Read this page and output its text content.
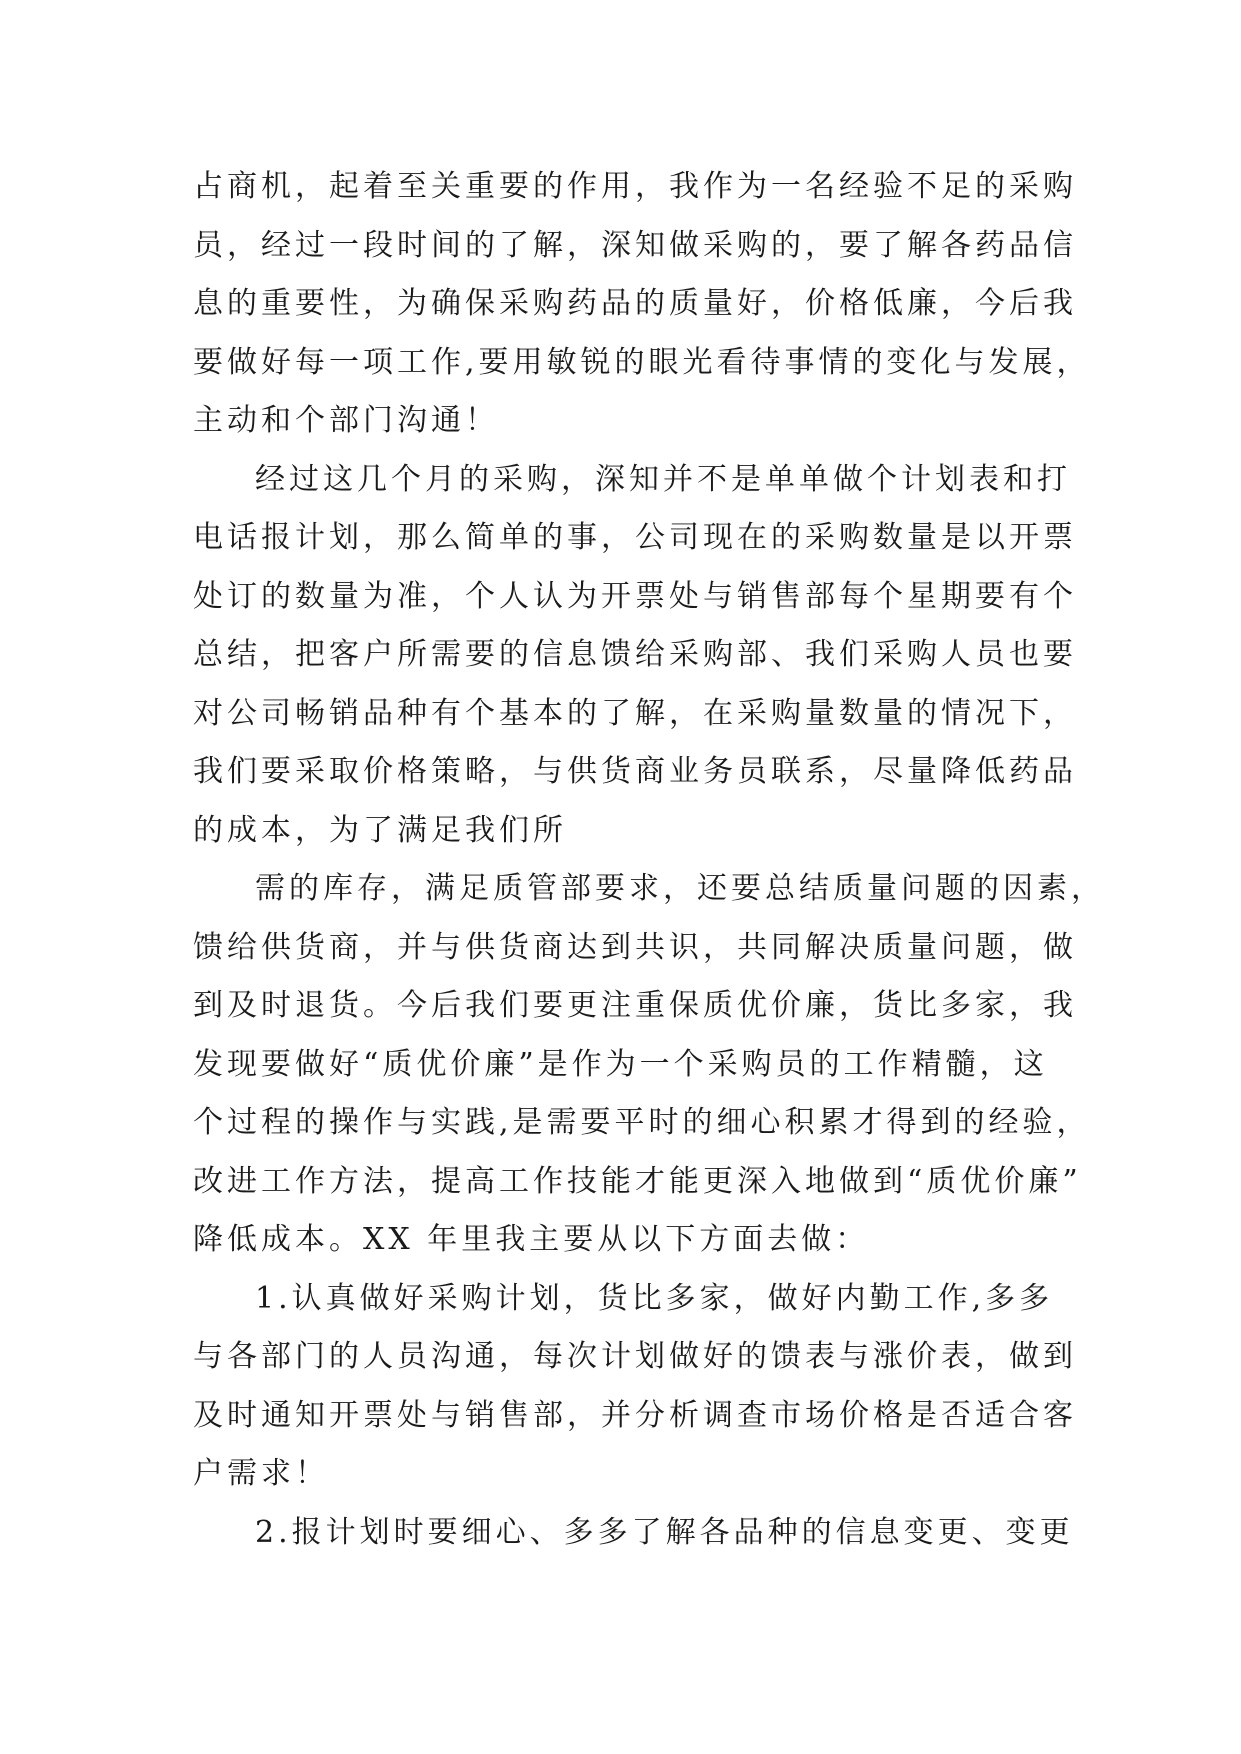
占商机，起着至关重要的作用，我作为一名经验不足的采购
员，经过一段时间的了解，深知做采购的，要了解各药品信
息的重要性，为确保采购药品的质量好，价格低廉，今后我
要做好每一项工作,要用敏锐的眼光看待事情的变化与发展，
主动和个部门沟通！
经过这几个月的采购，深知并不是单单做个计划表和打
电话报计划，那么简单的事，公司现在的采购数量是以开票
处订的数量为准，个人认为开票处与销售部每个星期要有个
总结，把客户所需要的信息馈给采购部、我们采购人员也要
对公司畅销品种有个基本的了解，在采购量数量的情况下，
我们要采取价格策略，与供货商业务员联系，尽量降低药品
的成本，为了满足我们所
需的库存，满足质管部要求，还要总结质量问题的因素，
馈给供货商，并与供货商达到共识，共同解决质量问题，做
到及时退货。今后我们要更注重保质优价廉，货比多家，我
发现要做好“质优价廉”是作为一个采购员的工作精髓，这
个过程的操作与实践,是需要平时的细心积累才得到的经验，
改进工作方法，提高工作技能才能更深入地做到“质优价廉”
降低成本。XX 年里我主要从以下方面去做：
1.认真做好采购计划，货比多家，做好内勤工作,多多
与各部门的人员沟通，每次计划做好的馈表与涨价表，做到
及时通知开票处与销售部，并分析调查市场价格是否适合客
户需求！
2.报计划时要细心、多多了解各品种的信息变更、变更
